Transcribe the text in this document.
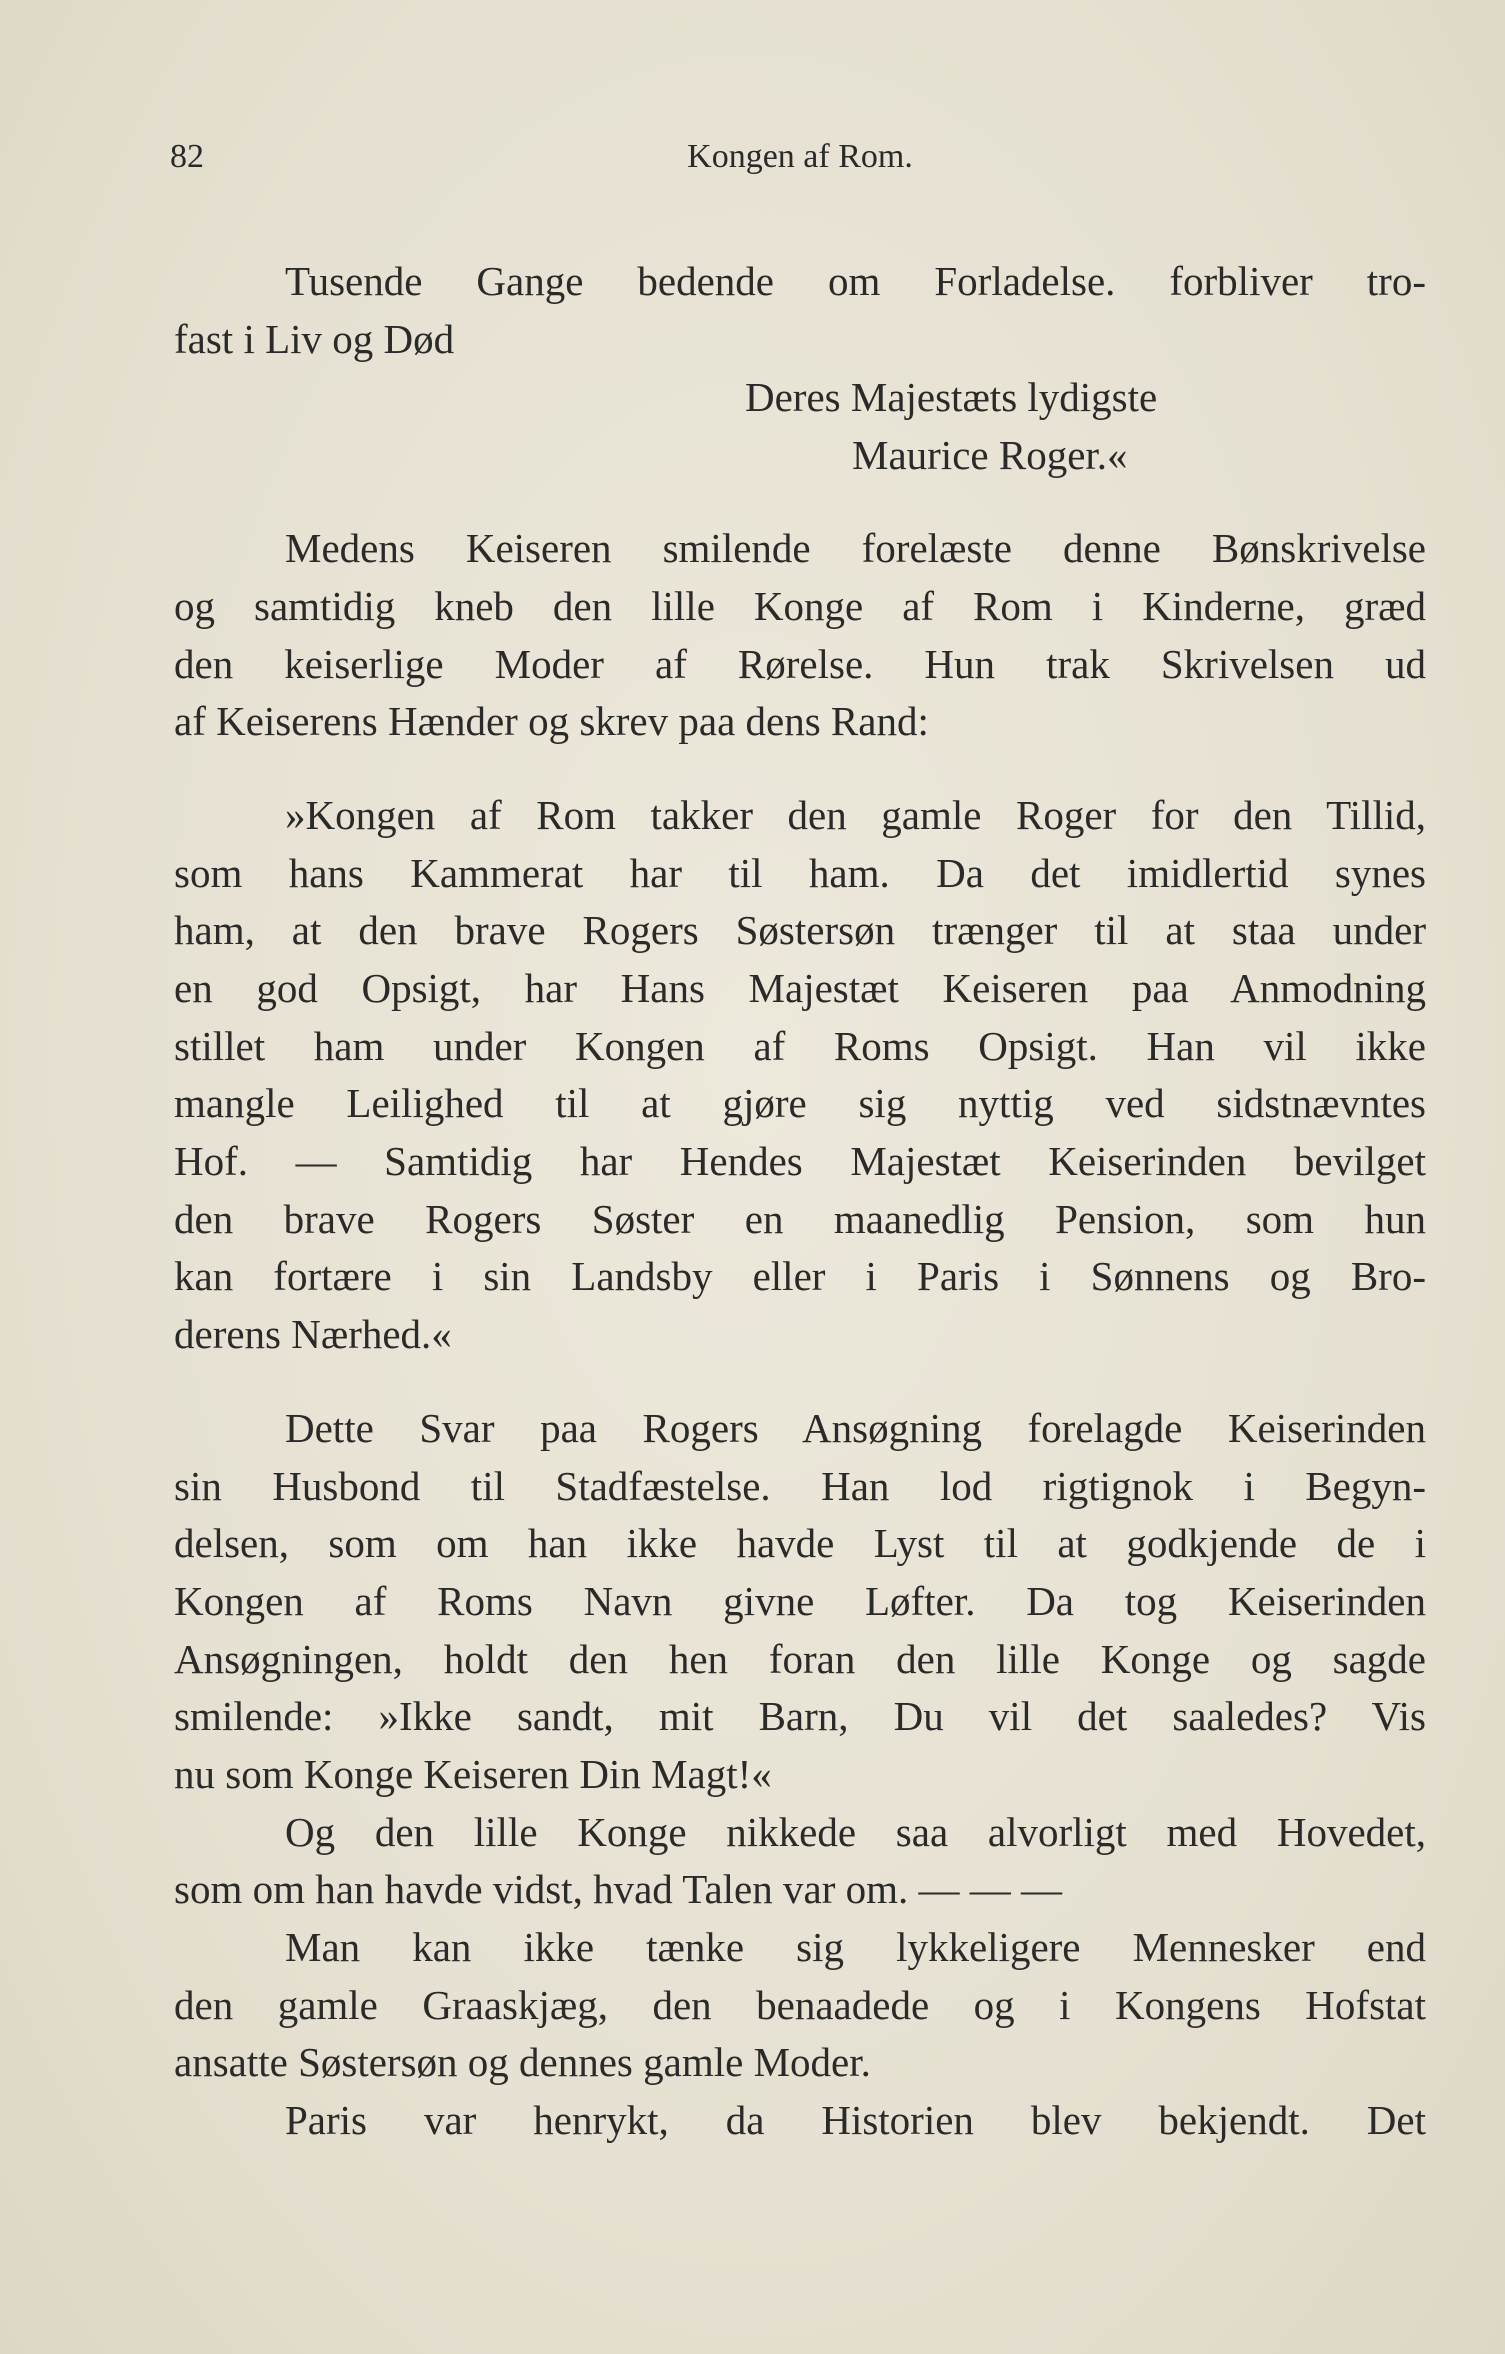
82	Kongen af Rom.
Tusende Gange bedende om Forladelse. forbliver tro-
fast i Liv og Død
Deres Majestæts lydigste
Maurice Roger.«
Medens Keiseren smilende forelæste denne Bønskrivelse
og samtidig kneb den lille Konge af Rom i Kinderne, græd
den keiserlige Moder af Rørelse. Hun trak Skrivelsen ud
af Keiserens Hænder og skrev paa dens Rand:
»Kongen af Rom takker den gamle Roger for den Tillid,
som hans Kammerat har til ham. Da det imidlertid synes
ham, at den brave Rogers Søstersøn trænger til at staa under
en god Opsigt, har Hans Majestæt Keiseren paa Anmodning
stillet ham under Kongen af Roms Opsigt. Han vil ikke
mangle Leilighed til at gjøre sig nyttig ved sidstnævntes
Hof. — Samtidig har Hendes Majestæt Keiserinden bevilget
den brave Rogers Søster en maanedlig Pension, som hun
kan fortære i sin Landsby eller i Paris i Sønnens og Bro-
derens Nærhed.«
Dette Svar paa Rogers Ansøgning forelagde Keiserinden
sin Husbond til Stadfæstelse. Han lod rigtignok i Begyn-
delsen, som om han ikke havde Lyst til at godkjende de i
Kongen af Roms Navn givne Løfter. Da tog Keiserinden
Ansøgningen, holdt den hen foran den lille Konge og sagde
smilende: »Ikke sandt, mit Barn, Du vil det saaledes? Vis
nu som Konge Keiseren Din Magt!«
Og den lille Konge nikkede saa alvorligt med Hovedet,
som om han havde vidst, hvad Talen var om. — — —
Man kan ikke tænke sig lykkeligere Mennesker end
den gamle Graaskjæg, den benaadede og i Kongens Hofstat
ansatte Søstersøn og dennes gamle Moder.
Paris var henrykt, da Historien blev bekjendt. Det
